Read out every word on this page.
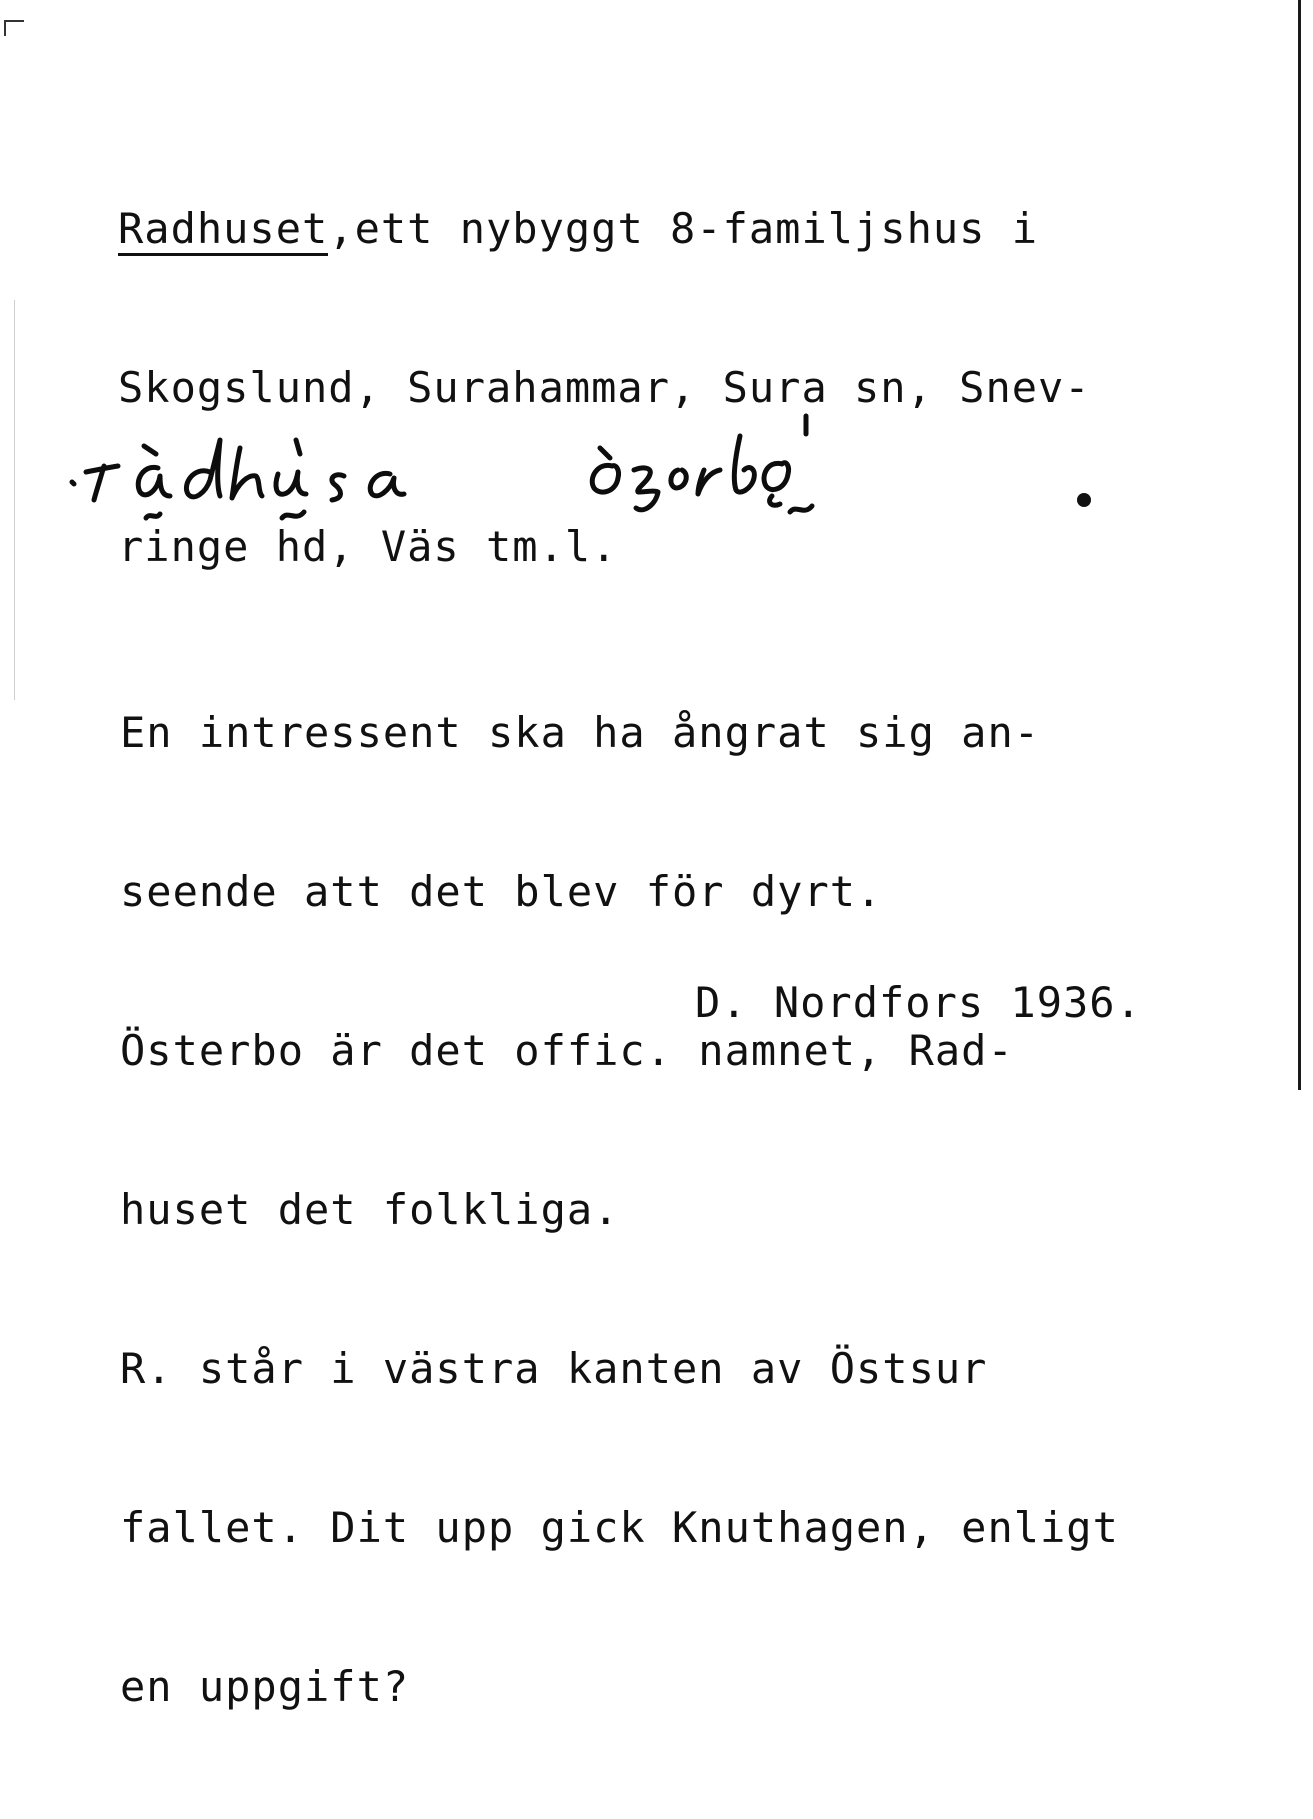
Radhuset,ett nybyggt 8-familjshus i

Skogslund, Surahammar, Sura sn, Snev-

ringe hd, Väs tm.l.

En intressent ska ha ångrat sig an-

seende att det blev för dyrt.

Österbo är det offic. namnet, Rad-

huset det folkliga.

R. står i västra kanten av Östsur

fallet. Dit upp gick Knuthagen, enligt

en uppgift?

D. Nordfors 1936.
